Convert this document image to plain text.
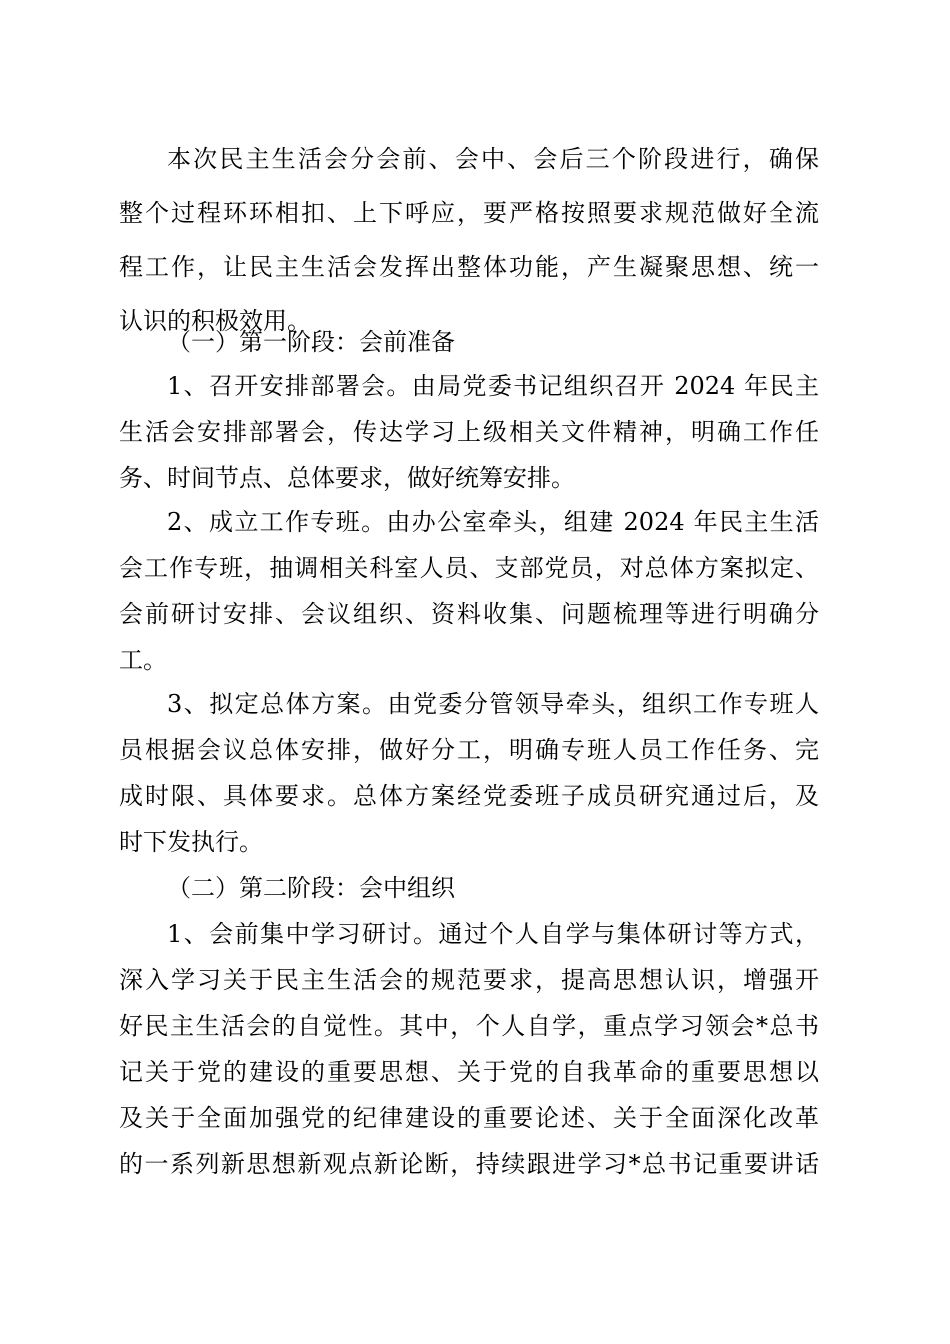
本次民主生活会分会前、会中、会后三个阶段进行，确保
整个过程环环相扣、上下呼应，要严格按照要求规范做好全流
程工作，让民主生活会发挥出整体功能，产生凝聚思想、统一
认识的积极效用。
（一）第一阶段：会前准备
1、召开安排部署会。由局党委书记组织召开 2024 年民主
生活会安排部署会，传达学习上级相关文件精神，明确工作任
务、时间节点、总体要求，做好统筹安排。
2、成立工作专班。由办公室牵头，组建 2024 年民主生活
会工作专班，抽调相关科室人员、支部党员，对总体方案拟定、
会前研讨安排、会议组织、资料收集、问题梳理等进行明确分
工。
3、拟定总体方案。由党委分管领导牵头，组织工作专班人
员根据会议总体安排，做好分工，明确专班人员工作任务、完
成时限、具体要求。总体方案经党委班子成员研究通过后，及
时下发执行。
（二）第二阶段：会中组织
1、会前集中学习研讨。通过个人自学与集体研讨等方式，
深入学习关于民主生活会的规范要求，提高思想认识，增强开
好民主生活会的自觉性。其中，个人自学，重点学习领会*总书
记关于党的建设的重要思想、关于党的自我革命的重要思想以
及关于全面加强党的纪律建设的重要论述、关于全面深化改革
的一系列新思想新观点新论断，持续跟进学习*总书记重要讲话
